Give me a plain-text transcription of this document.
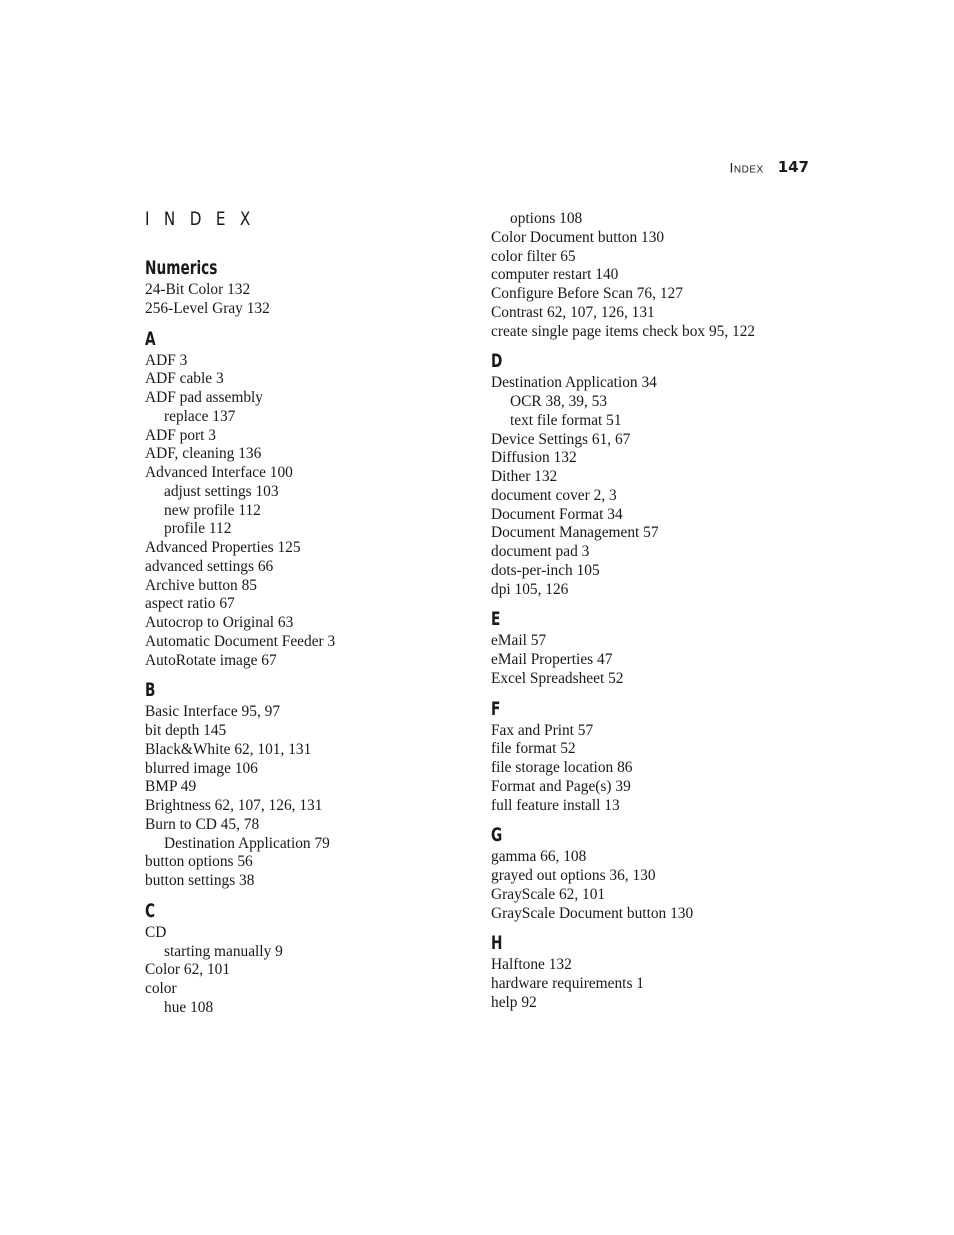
Index 147
I N D E X
Numerics
24-Bit Color 132
256-Level Gray 132
A
ADF 3
ADF cable 3
ADF pad assembly
replace 137
ADF port 3
ADF, cleaning 136
Advanced Interface 100
adjust settings 103
new profile 112
profile 112
Advanced Properties 125
advanced settings 66
Archive button 85
aspect ratio 67
Autocrop to Original 63
Automatic Document Feeder 3
AutoRotate image 67
B
Basic Interface 95, 97
bit depth 145
Black&White 62, 101, 131
blurred image 106
BMP 49
Brightness 62, 107, 126, 131
Burn to CD 45, 78
Destination Application 79
button options 56
button settings 38
C
CD
starting manually 9
Color 62, 101
color
hue 108
options 108
Color Document button 130
color filter 65
computer restart 140
Configure Before Scan 76, 127
Contrast 62, 107, 126, 131
create single page items check box 95, 122
D
Destination Application 34
OCR 38, 39, 53
text file format 51
Device Settings 61, 67
Diffusion 132
Dither 132
document cover 2, 3
Document Format 34
Document Management 57
document pad 3
dots-per-inch 105
dpi 105, 126
E
eMail 57
eMail Properties 47
Excel Spreadsheet 52
F
Fax and Print 57
file format 52
file storage location 86
Format and Page(s) 39
full feature install 13
G
gamma 66, 108
grayed out options 36, 130
GrayScale 62, 101
GrayScale Document button 130
H
Halftone 132
hardware requirements 1
help 92
